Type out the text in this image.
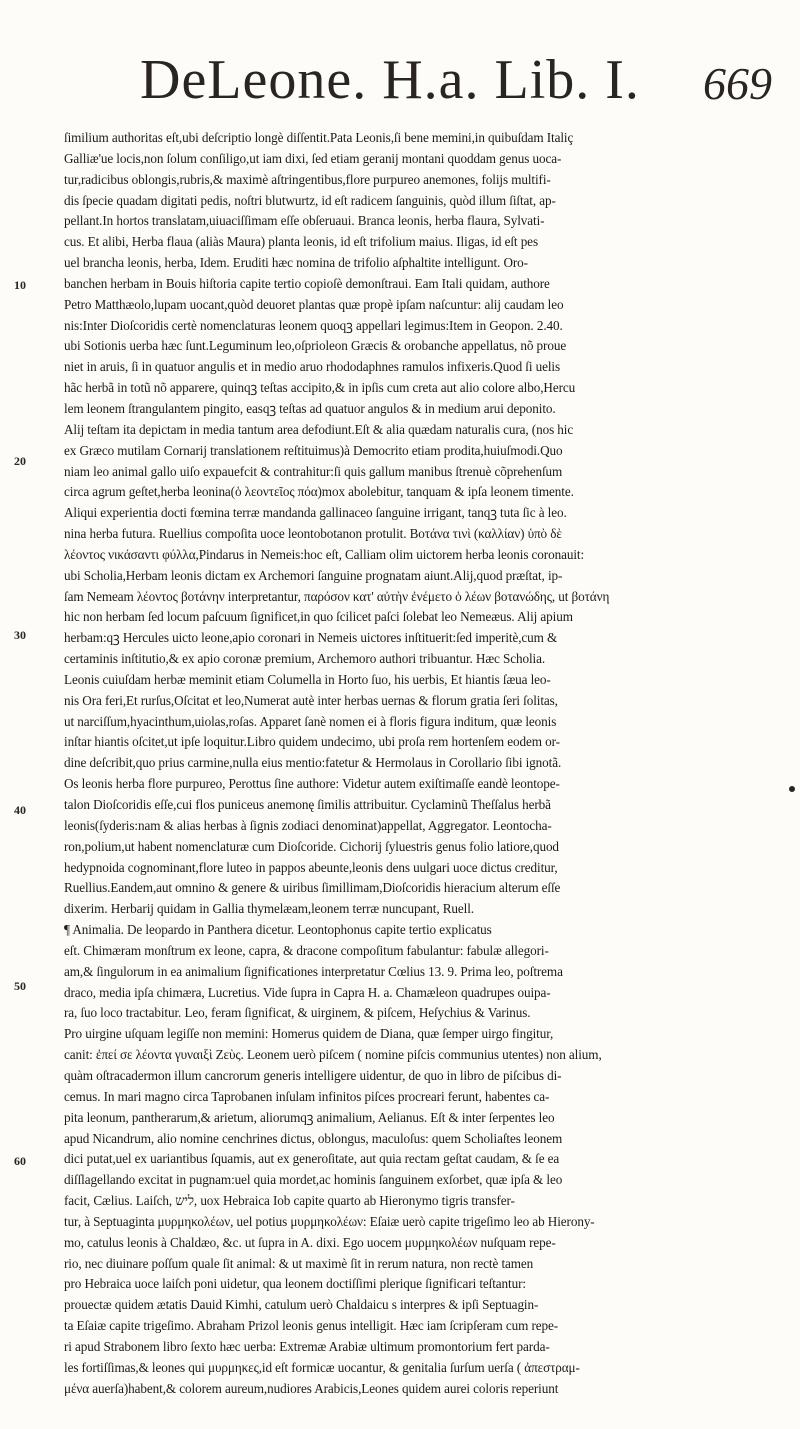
DeLeone. H.a. Lib. I. 669
10
20
30
40
50
60
ſimilium authoritas eſt,ubi deſcriptio longè diſſentit.Pata Leonis,ſi bene memini,in quibuſdam Italiç
Galliæ'ue locis,non ſolum conſiligo,ut iam dixi, ſed etiam geranij montani quoddam genus uoca-
tur,radicibus oblongis,rubris,& maximè aſtringentibus,flore purpureo anemones, folijs multifi-
dis ſpecie quadam digitati pedis, noſtri blutwurtz, id eſt radicem ſanguinis, quòd illum ſiſtat, ap-
pellant.In hortos translatam,uiuaciſſimam eſſe obſeruaui. Branca leonis, herba flaura, Sylvati-
cus. Et alibi, Herba flaua (aliàs Maura) planta leonis, id eſt trifolium maius. Iligas, id eſt pes
uel brancha leonis, herba, Idem. Eruditi hæc nomina de trifolio aſphaltite intelligunt. Oro-
banchen herbam in Bouis hiſtoria capite tertio copioſè demonſtraui. Eam Itali quidam, authore
Petro Matthæolo,lupam uocant,quòd deuoret plantas quæ propè ipſam naſcuntur: alij caudam leo
nis:Inter Dioſcoridis certè nomenclaturas leonem quoqꝫ appellari legimus:Item in Geopon. 2.40.
ubi Sotionis uerba hæc ſunt.Leguminum leo,oſprioleon Græcis & orobanche appellatus, nõ proue
niet in aruis, ſi in quatuor angulis et in medio aruo rhododaphnes ramulos infixeris.Quod ſi uelis
hãc herbã in totũ nõ apparere, quinqꝫ teſtas accipito,& in ipſis cum creta aut alio colore albo,Hercu
lem leonem ſtrangulantem pingito, easqꝫ teſtas ad quatuor angulos & in medium arui deponito.
Alij teſtam ita depictam in media tantum area defodiunt.Eſt & alia quædam naturalis cura, (nos hic
ex Græco mutilam Cornarij translationem reſtituimus)à Democrito etiam prodita,huiuſmodi.Quo
niam leo animal gallo uiſo expauefcit & contrahitur:ſi quis gallum manibus ſtrenuè cõprehenſum
circa agrum geſtet,herba leonina(ὁ λεοντεῖος πόα)mox abolebitur, tanquam & ipſa leonem timente.
Aliqui experientia docti fœmina terræ mandanda gallinaceo ſanguine irrigant, tanqꝫ tuta ſic à leo.
nina herba futura. Ruellius compoſita uoce leontobotanon protulit. Βοτάνα τινὶ (καλλίαν) ὑπὸ δὲ
λέοντος νικάσαντι φύλλα,Pindarus in Nemeis:hoc eſt, Calliam olim uictorem herba leonis coronauit:
ubi Scholia,Herbam leonis dictam ex Archemori ſanguine prognatam aiunt.Alij,quod præſtat, ip-
ſam Nemeam λέοντος βοτάνην interpretantur, παρόσον κατ' αὐτὴν ἐνέμετο ὁ λέων βοτανώδης, ut βοτάνη
hic non herbam ſed locum paſcuum ſignificet,in quo ſcilicet paſci ſolebat leo Nemeæus. Alij apium
herbam:qꝫ Hercules uicto leone,apio coronari in Nemeis uictores inſtituerit:ſed imperitè,cum &
certaminis inſtitutio,& ex apio coronæ premium, Archemoro authori tribuantur. Hæc Scholia.
Leonis cuiuſdam herbæ meminit etiam Columella in Horto ſuo, his uerbis, Et hiantis ſæua leo-
nis Ora feri,Et rurſus,Oſcitat et leo,Numerat autè inter herbas uernas & florum gratia ſeri ſolitas,
ut narciſſum,hyacinthum,uiolas,roſas. Apparet ſanè nomen ei à floris figura inditum, quæ leonis
inſtar hiantis oſcitet,ut ipſe loquitur.Libro quidem undecimo, ubi proſa rem hortenſem eodem or-
dine deſcribit,quo prius carmine,nulla eius mentio:fatetur & Hermolaus in Corollario ſibi ignotã.
Os leonis herba flore purpureo, Perottus ſine authore: Videtur autem exiſtimaſſe eandè leontope-
talon Dioſcoridis eſſe,cui flos puniceus anemonę ſimilis attribuitur. Cyclaminũ Theſſalus herbã
leonis(ſyderis:nam & alias herbas à ſignis zodiaci denominat)appellat, Aggregator. Leontocha-
ron,polium,ut habent nomenclaturæ cum Dioſcoride. Cichorij ſyluestris genus folio latiore,quod
hedypnoida cognominant,flore luteo in pappos abeunte,leonis dens uulgari uoce dictus creditur,
Ruellius.Eandem,aut omnino & genere & uiribus ſimillimam,Dioſcoridis hieracium alterum eſſe
dixerim. Herbarij quidam in Gallia thymelæam,leonem terræ nuncupant, Ruell.
¶ Animalia. De leopardo in Panthera dicetur. Leontophonus capite tertio explicatus
eſt. Chimæram monſtrum ex leone, capra, & dracone compoſitum fabulantur: fabulæ allegori-
am,& ſingulorum in ea animalium ſignificationes interpretatur Cœlius 13. 9. Prima leo, poſtrema
draco, media ipſa chimæra, Lucretius. Vide ſupra in Capra H. a. Chamæleon quadrupes ouipa-
ra, ſuo loco tractabitur. Leo, feram ſignificat, & uirginem, & piſcem, Heſychius & Varinus.
Pro uirgine uſquam legiſſe non memini: Homerus quidem de Diana, quæ ſemper uirgo fingitur,
canit: ἐπεί σε λέοντα γυναιξὶ Ζεὺς. Leonem uerò piſcem ( nomine piſcis communius utentes) non alium,
quàm oſtracadermon illum cancrorum generis intelligere uidentur, de quo in libro de piſcibus di-
cemus. In mari magno circa Taprobanen inſulam infinitos piſces procreari ferunt, habentes ca-
pita leonum, pantherarum,& arietum, aliorumqꝫ animalium, Aelianus. Eſt & inter ſerpentes leo
apud Nicandrum, alio nomine cenchrines dictus, oblongus, maculoſus: quem Scholiaſtes leonem
dici putat,uel ex uariantibus ſquamis, aut ex generoſitate, aut quia rectam geſtat caudam, & ſe ea
diſſlagellando excitat in pugnam:uel quia mordet,ac hominis ſanguinem exſorbet, quæ ipſa & leo
facit, Cælius. Laiſch, ליש, uox Hebraica Iob capite quarto ab Hieronymo tigris transfer-
tur, à Septuaginta μυρμηκολέων, uel potius μυρμηκολέων: Eſaiæ uerò capite trigeſimo leo ab Hierony-
mo, catulus leonis à Chaldæo, &c. ut ſupra in A. dixi. Ego uocem μυρμηκολέων nuſquam repe-
rio, nec diuinare poſſum quale ſit animal: & ut maximè ſit in rerum natura, non rectè tamen
pro Hebraica uoce laiſch poni uidetur, qua leonem doctiſſimi plerique ſignificari teſtantur:
prouectæ quidem ætatis Dauid Kimhi, catulum uerò Chaldaicu s interpres & ipſi Septuagin-
ta Eſaiæ capite trigeſimo. Abraham Prizol leonis genus intelligit. Hæc iam ſcripſeram cum repe-
ri apud Strabonem libro ſexto hæc uerba: Extremæ Arabiæ ultimum promontorium fert parda-
les fortiſſimas,& leones qui μυρμηκες,id eſt formicæ uocantur, & genitalia ſurſum uerſa ( ἀπεστραμ-
μένα auerſa)habent,& colorem aureum,nudiores Arabicis,Leones quidem aurei coloris reperiunt
